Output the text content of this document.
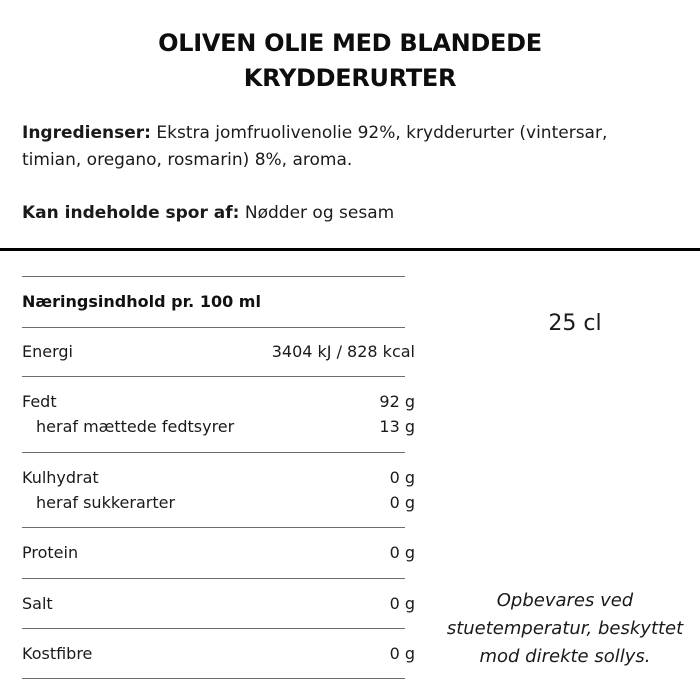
OLIVEN OLIE MED BLANDEDE
KRYDDERURTER
Ingredienser: Ekstra jomfruolivenolie 92%, krydderurter (vintersar, timian, oregano, rosmarin) 8%, aroma.
Kan indeholde spor af: Nødder og sesam
Næringsindhold pr. 100 ml
Energi	3404 kJ / 828 kcal
Fedt	92 g
heraf mættede fedtsyrer	13 g
Kulhydrat	0 g
heraf sukkerarter	0 g
Protein	0 g
Salt	0 g
Kostfibre	0 g
25 cl
Opbevares ved
stuetemperatur, beskyttet
mod direkte sollys.
